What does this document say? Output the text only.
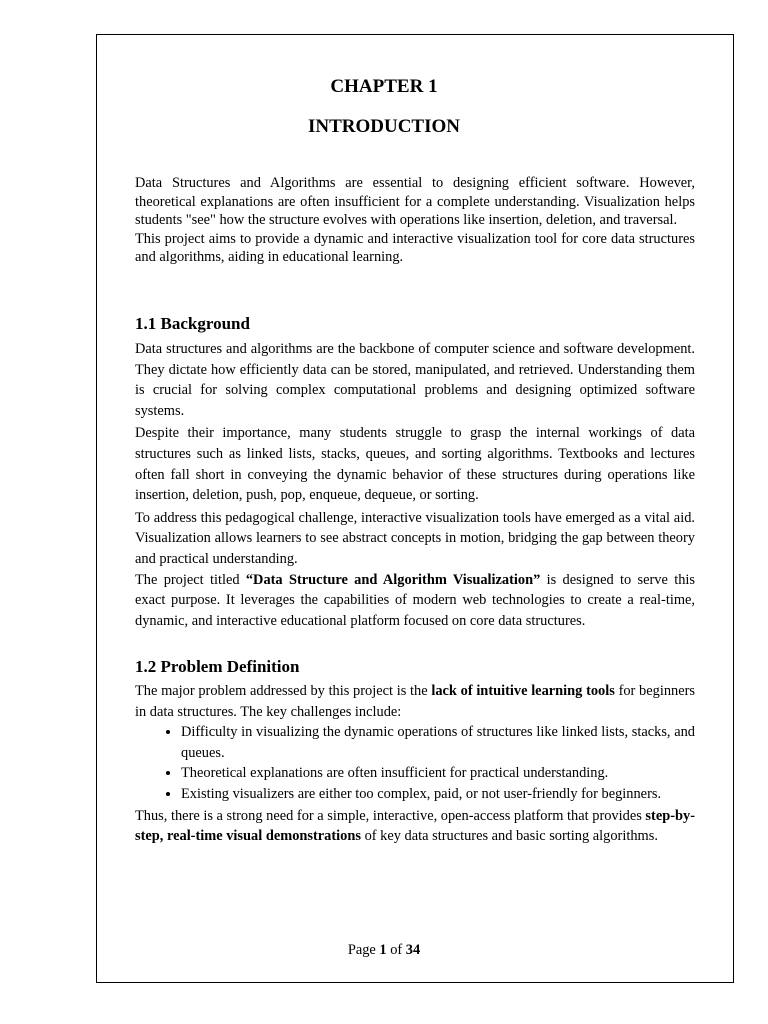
CHAPTER 1
INTRODUCTION

Data Structures and Algorithms are essential to designing efficient software. However, theoretical explanations are often insufficient for a complete understanding. Visualization helps students "see" how the structure evolves with operations like insertion, deletion, and traversal.

This project aims to provide a dynamic and interactive visualization tool for core data structures and algorithms, aiding in educational learning.

1.1 Background

Data structures and algorithms are the backbone of computer science and software development. They dictate how efficiently data can be stored, manipulated, and retrieved. Understanding them is crucial for solving complex computational problems and designing optimized software systems.

Despite their importance, many students struggle to grasp the internal workings of data structures such as linked lists, stacks, queues, and sorting algorithms. Textbooks and lectures often fall short in conveying the dynamic behavior of these structures during operations like insertion, deletion, push, pop, enqueue, dequeue, or sorting.

To address this pedagogical challenge, interactive visualization tools have emerged as a vital aid. Visualization allows learners to see abstract concepts in motion, bridging the gap between theory and practical understanding.

The project titled “Data Structure and Algorithm Visualization” is designed to serve this exact purpose. It leverages the capabilities of modern web technologies to create a real-time, dynamic, and interactive educational platform focused on core data structures.

1.2 Problem Definition

The major problem addressed by this project is the lack of intuitive learning tools for beginners in data structures. The key challenges include:

• Difficulty in visualizing the dynamic operations of structures like linked lists, stacks, and queues.
• Theoretical explanations are often insufficient for practical understanding.
• Existing visualizers are either too complex, paid, or not user-friendly for beginners.

Thus, there is a strong need for a simple, interactive, open-access platform that provides step-by-step, real-time visual demonstrations of key data structures and basic sorting algorithms.

Page 1 of 34
